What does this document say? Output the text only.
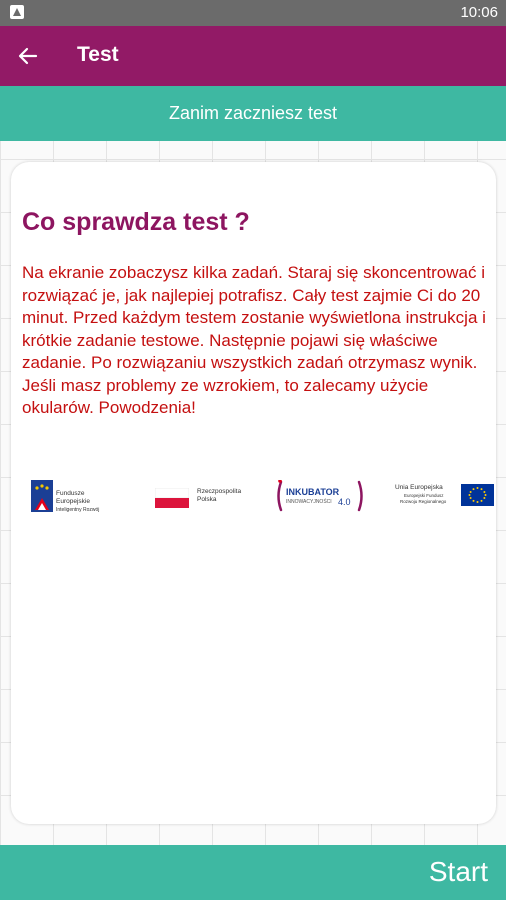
10:06
Test
Zanim zaczniesz test
Co sprawdza test ?

Na ekranie zobaczysz kilka zadań. Staraj się skoncentrować i rozwiązać je, jak najlepiej potrafisz. Cały test zajmie Ci do 20 minut. Przed każdym testem zostanie wyświetlona instrukcja i krótkie zadanie testowe. Następnie pojawi się właściwe zadanie. Po rozwiązaniu wszystkich zadań otrzymasz wynik. Jeśli masz problemy ze wzrokiem, to zalecamy użycie okularów. Powodzenia!

Fundusze
Europejskie
Inteligentny Rozwój
Rzeczpospolita
Polska
INKUBATOR
INNOWACYJNOŚCI 4.0
Unia Europejska
Europejski Fundusz
Rozwoju Regionalnego
Start
